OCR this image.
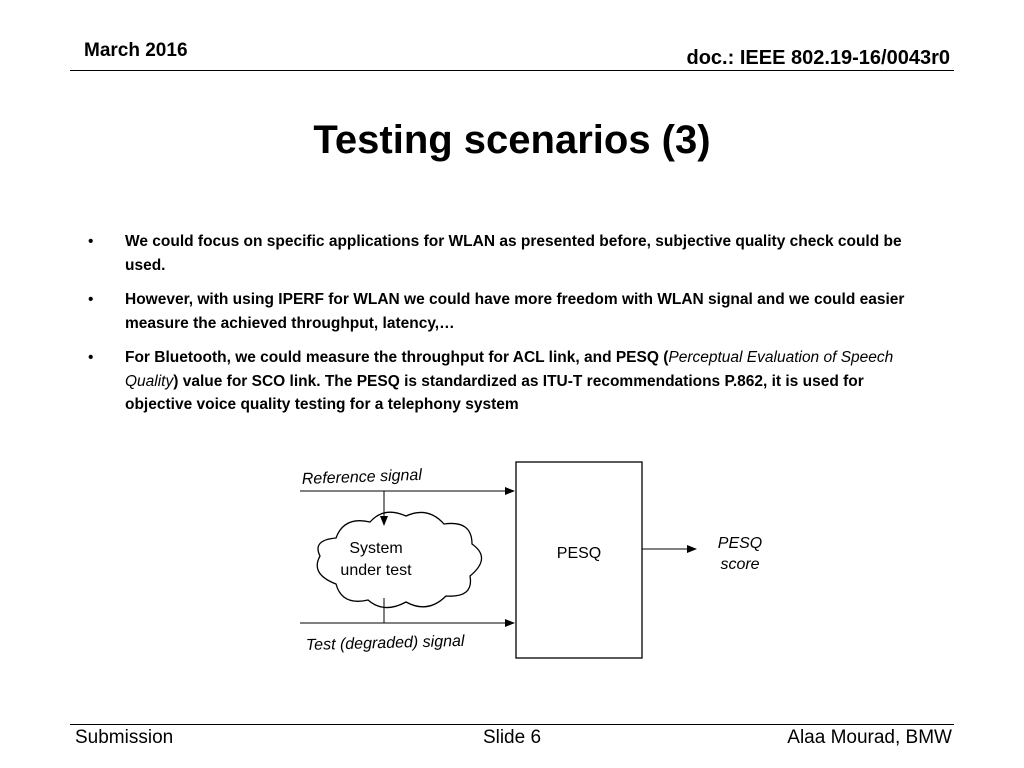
March 2016	doc.: IEEE 802.19-16/0043r0
Testing scenarios (3)
• We could focus on specific applications for WLAN as presented before, subjective quality check could be used.
• However, with using IPERF for WLAN we could have more freedom with WLAN signal and we could easier measure the achieved throughput, latency,…
• For Bluetooth, we could measure the throughput for ACL link, and PESQ (Perceptual Evaluation of Speech Quality) value for SCO link. The PESQ is standardized as ITU-T recommendations P.862, it is used for objective voice quality testing for a telephony system
Reference signal
System
under test
Test (degraded) signal
PESQ
PESQ
score
Submission	Slide 6	Alaa Mourad, BMW
